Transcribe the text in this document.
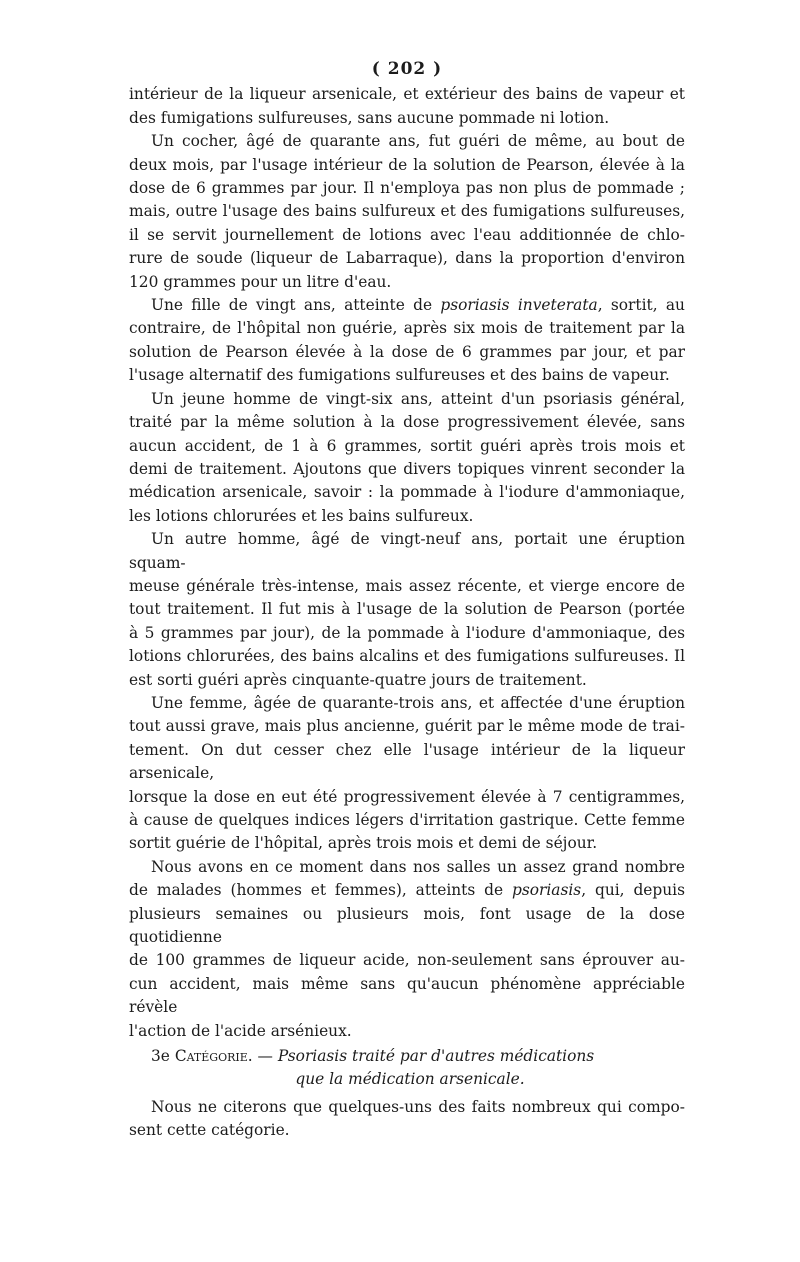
( 202 )

intérieur de la liqueur arsenicale, et extérieur des bains de vapeur et
des fumigations sulfureuses, sans aucune pommade ni lotion.

Un cocher, âgé de quarante ans, fut guéri de même, au bout de
deux mois, par l'usage intérieur de la solution de Pearson, élevée à la
dose de 6 grammes par jour. Il n'employa pas non plus de pommade ;
mais, outre l'usage des bains sulfureux et des fumigations sulfureuses,
il se servit journellement de lotions avec l'eau additionnée de chlo-
rure de soude (liqueur de Labarraque), dans la proportion d'environ
120 grammes pour un litre d'eau.

Une fille de vingt ans, atteinte de psoriasis inveterata, sortit, au
contraire, de l'hôpital non guérie, après six mois de traitement par la
solution de Pearson élevée à la dose de 6 grammes par jour, et par
l'usage alternatif des fumigations sulfureuses et des bains de vapeur.

Un jeune homme de vingt-six ans, atteint d'un psoriasis général,
traité par la même solution à la dose progressivement élevée, sans
aucun accident, de 1 à 6 grammes, sortit guéri après trois mois et
demi de traitement. Ajoutons que divers topiques vinrent seconder la
médication arsenicale, savoir : la pommade à l'iodure d'ammoniaque,
les lotions chlorurées et les bains sulfureux.

Un autre homme, âgé de vingt-neuf ans, portait une éruption squam-
meuse générale très-intense, mais assez récente, et vierge encore de
tout traitement. Il fut mis à l'usage de la solution de Pearson (portée
à 5 grammes par jour), de la pommade à l'iodure d'ammoniaque, des
lotions chlorurées, des bains alcalins et des fumigations sulfureuses. Il
est sorti guéri après cinquante-quatre jours de traitement.

Une femme, âgée de quarante-trois ans, et affectée d'une éruption
tout aussi grave, mais plus ancienne, guérit par le même mode de trai-
tement. On dut cesser chez elle l'usage intérieur de la liqueur arsenicale,
lorsque la dose en eut été progressivement élevée à 7 centigrammes,
à cause de quelques indices légers d'irritation gastrique. Cette femme
sortit guérie de l'hôpital, après trois mois et demi de séjour.

Nous avons en ce moment dans nos salles un assez grand nombre
de malades (hommes et femmes), atteints de psoriasis, qui, depuis
plusieurs semaines ou plusieurs mois, font usage de la dose quotidienne
de 100 grammes de liqueur acide, non-seulement sans éprouver au-
cun accident, mais même sans qu'aucun phénomène appréciable révèle
l'action de l'acide arsénieux.

3e Catégorie. — Psoriasis traité par d'autres médications
que la médication arsenicale.

Nous ne citerons que quelques-uns des faits nombreux qui compo-
sent cette catégorie.
